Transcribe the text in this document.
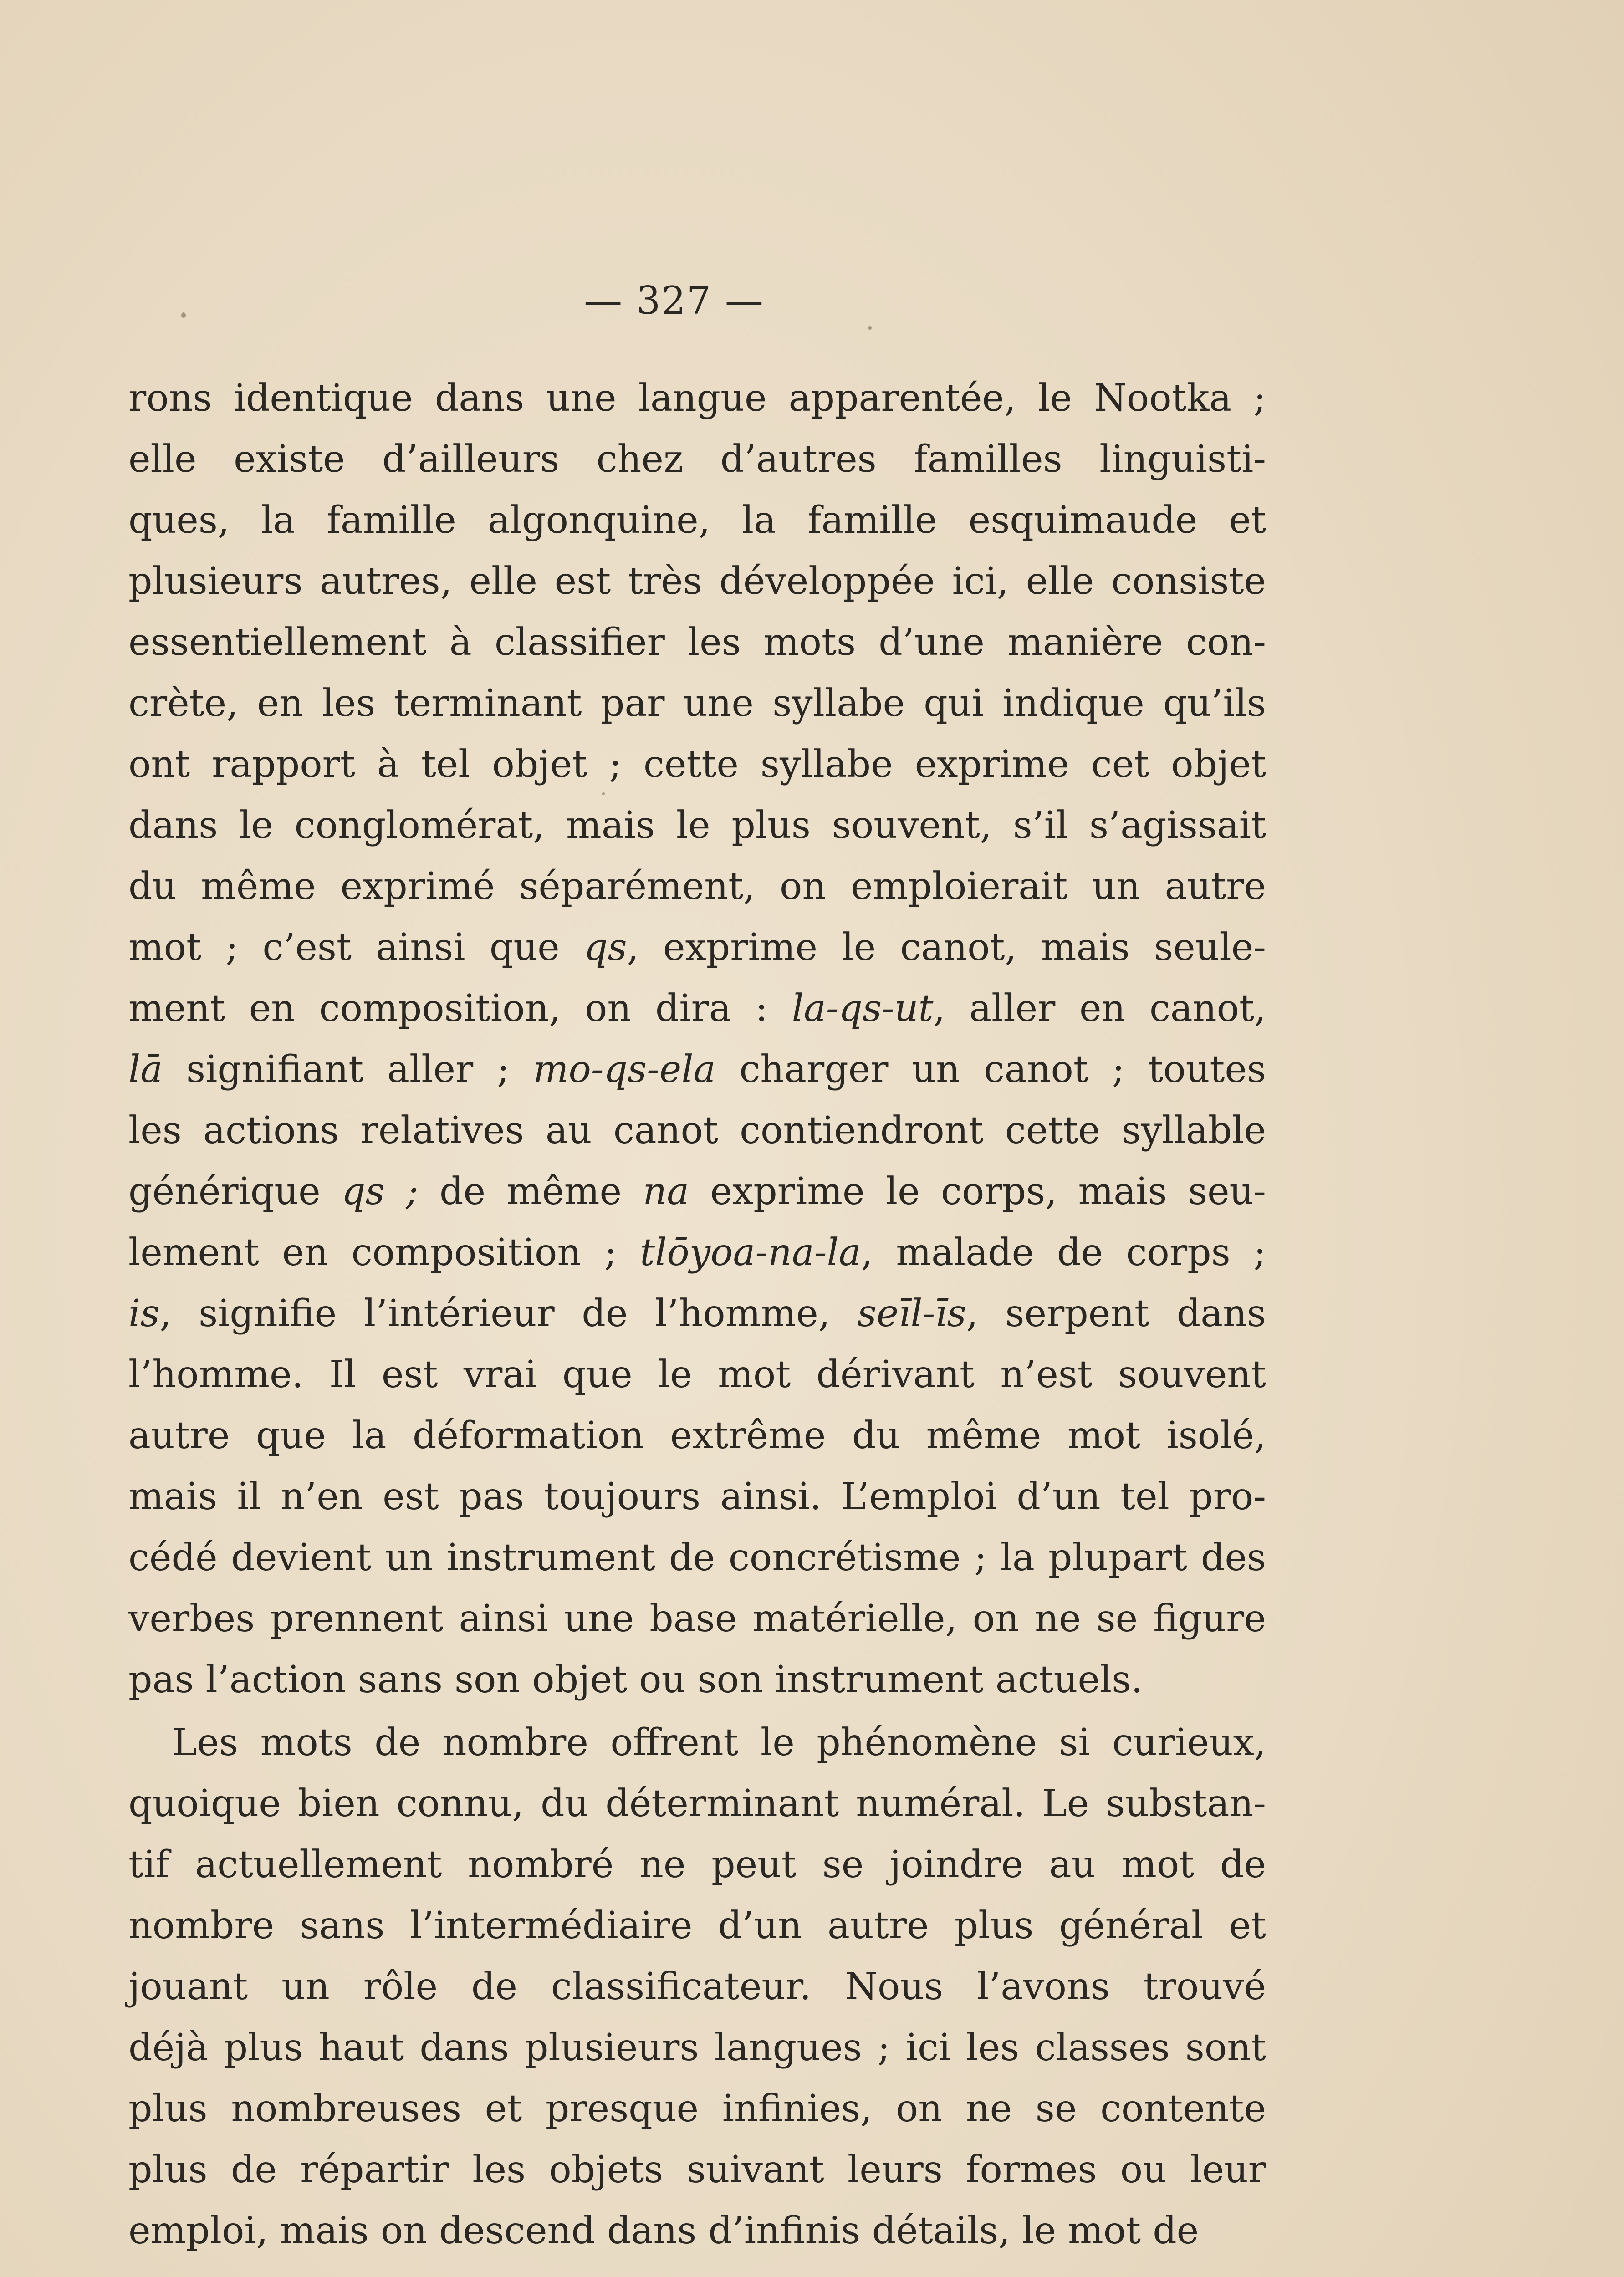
— 327 —
rons identique dans une langue apparentée, le Nootka ;
elle existe d’ailleurs chez d’autres familles linguisti-
ques, la famille algonquine, la famille esquimaude et
plusieurs autres, elle est très développée ici, elle consiste
essentiellement à classifier les mots d’une manière con-
crète, en les terminant par une syllabe qui indique qu’ils
ont rapport à tel objet ; cette syllabe exprime cet objet
dans le conglomérat, mais le plus souvent, s’il s’agissait
du même exprimé séparément, on emploierait un autre
mot ; c’est ainsi que qs, exprime le canot, mais seule-
ment en composition, on dira : la-qs-ut, aller en canot,
lā signifiant aller ; mo-qs-ela charger un canot ; toutes
les actions relatives au canot contiendront cette syllable
générique qs ; de même na exprime le corps, mais seu-
lement en composition ; tlōyoa-na-la, malade de corps ;
is, signifie l’intérieur de l’homme, seīl-īs, serpent dans
l’homme. Il est vrai que le mot dérivant n’est souvent
autre que la déformation extrême du même mot isolé,
mais il n’en est pas toujours ainsi. L’emploi d’un tel pro-
cédé devient un instrument de concrétisme ; la plupart des
verbes prennent ainsi une base matérielle, on ne se figure
pas l’action sans son objet ou son instrument actuels.
Les mots de nombre offrent le phénomène si curieux,
quoique bien connu, du déterminant numéral. Le substan-
tif actuellement nombré ne peut se joindre au mot de
nombre sans l’intermédiaire d’un autre plus général et
jouant un rôle de classificateur. Nous l’avons trouvé
déjà plus haut dans plusieurs langues ; ici les classes sont
plus nombreuses et presque infinies, on ne se contente
plus de répartir les objets suivant leurs formes ou leur
emploi, mais on descend dans d’infinis détails, le mot de
